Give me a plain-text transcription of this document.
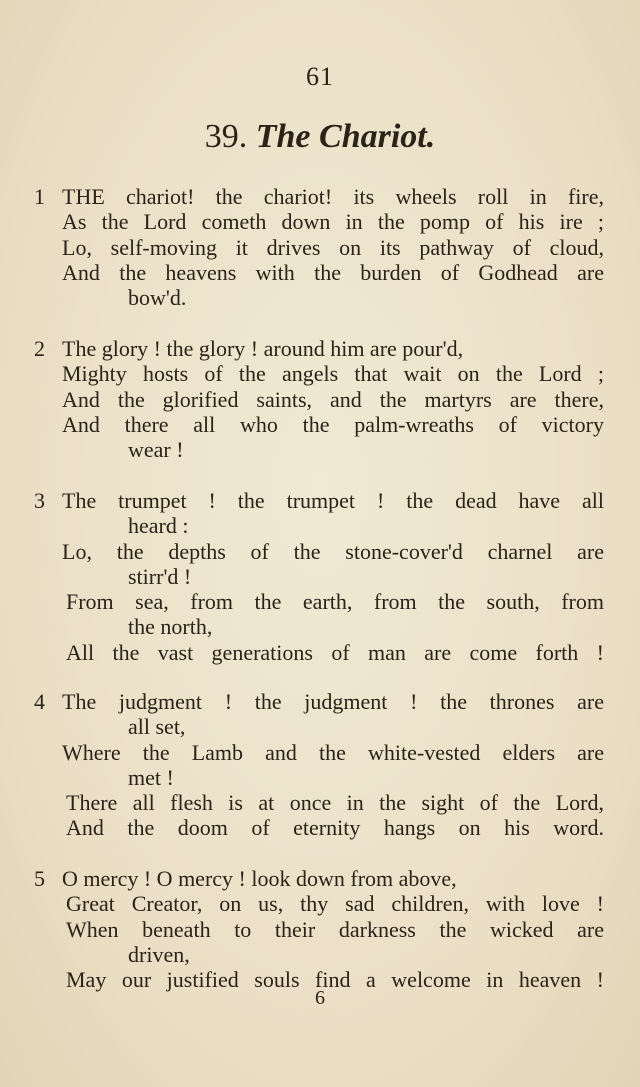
61
39. The Chariot.
1 THE chariot! the chariot! its wheels roll in fire,
As the Lord cometh down in the pomp of his ire ;
Lo, self-moving it drives on its pathway of cloud,
And the heavens with the burden of Godhead are
bow'd.
2 The glory ! the glory ! around him are pour'd,
Mighty hosts of the angels that wait on the Lord ;
And the glorified saints, and the martyrs are there,
And there all who the palm-wreaths of victory
wear !
3 The trumpet ! the trumpet ! the dead have all
heard :
Lo, the depths of the stone-cover'd charnel are
stirr'd !
From sea, from the earth, from the south, from
the north,
All the vast generations of man are come forth !
4 The judgment ! the judgment ! the thrones are
all set,
Where the Lamb and the white-vested elders are
met !
There all flesh is at once in the sight of the Lord,
And the doom of eternity hangs on his word.
5 O mercy ! O mercy ! look down from above,
Great Creator, on us, thy sad children, with love !
When beneath to their darkness the wicked are
driven,
May our justified souls find a welcome in heaven !
6
